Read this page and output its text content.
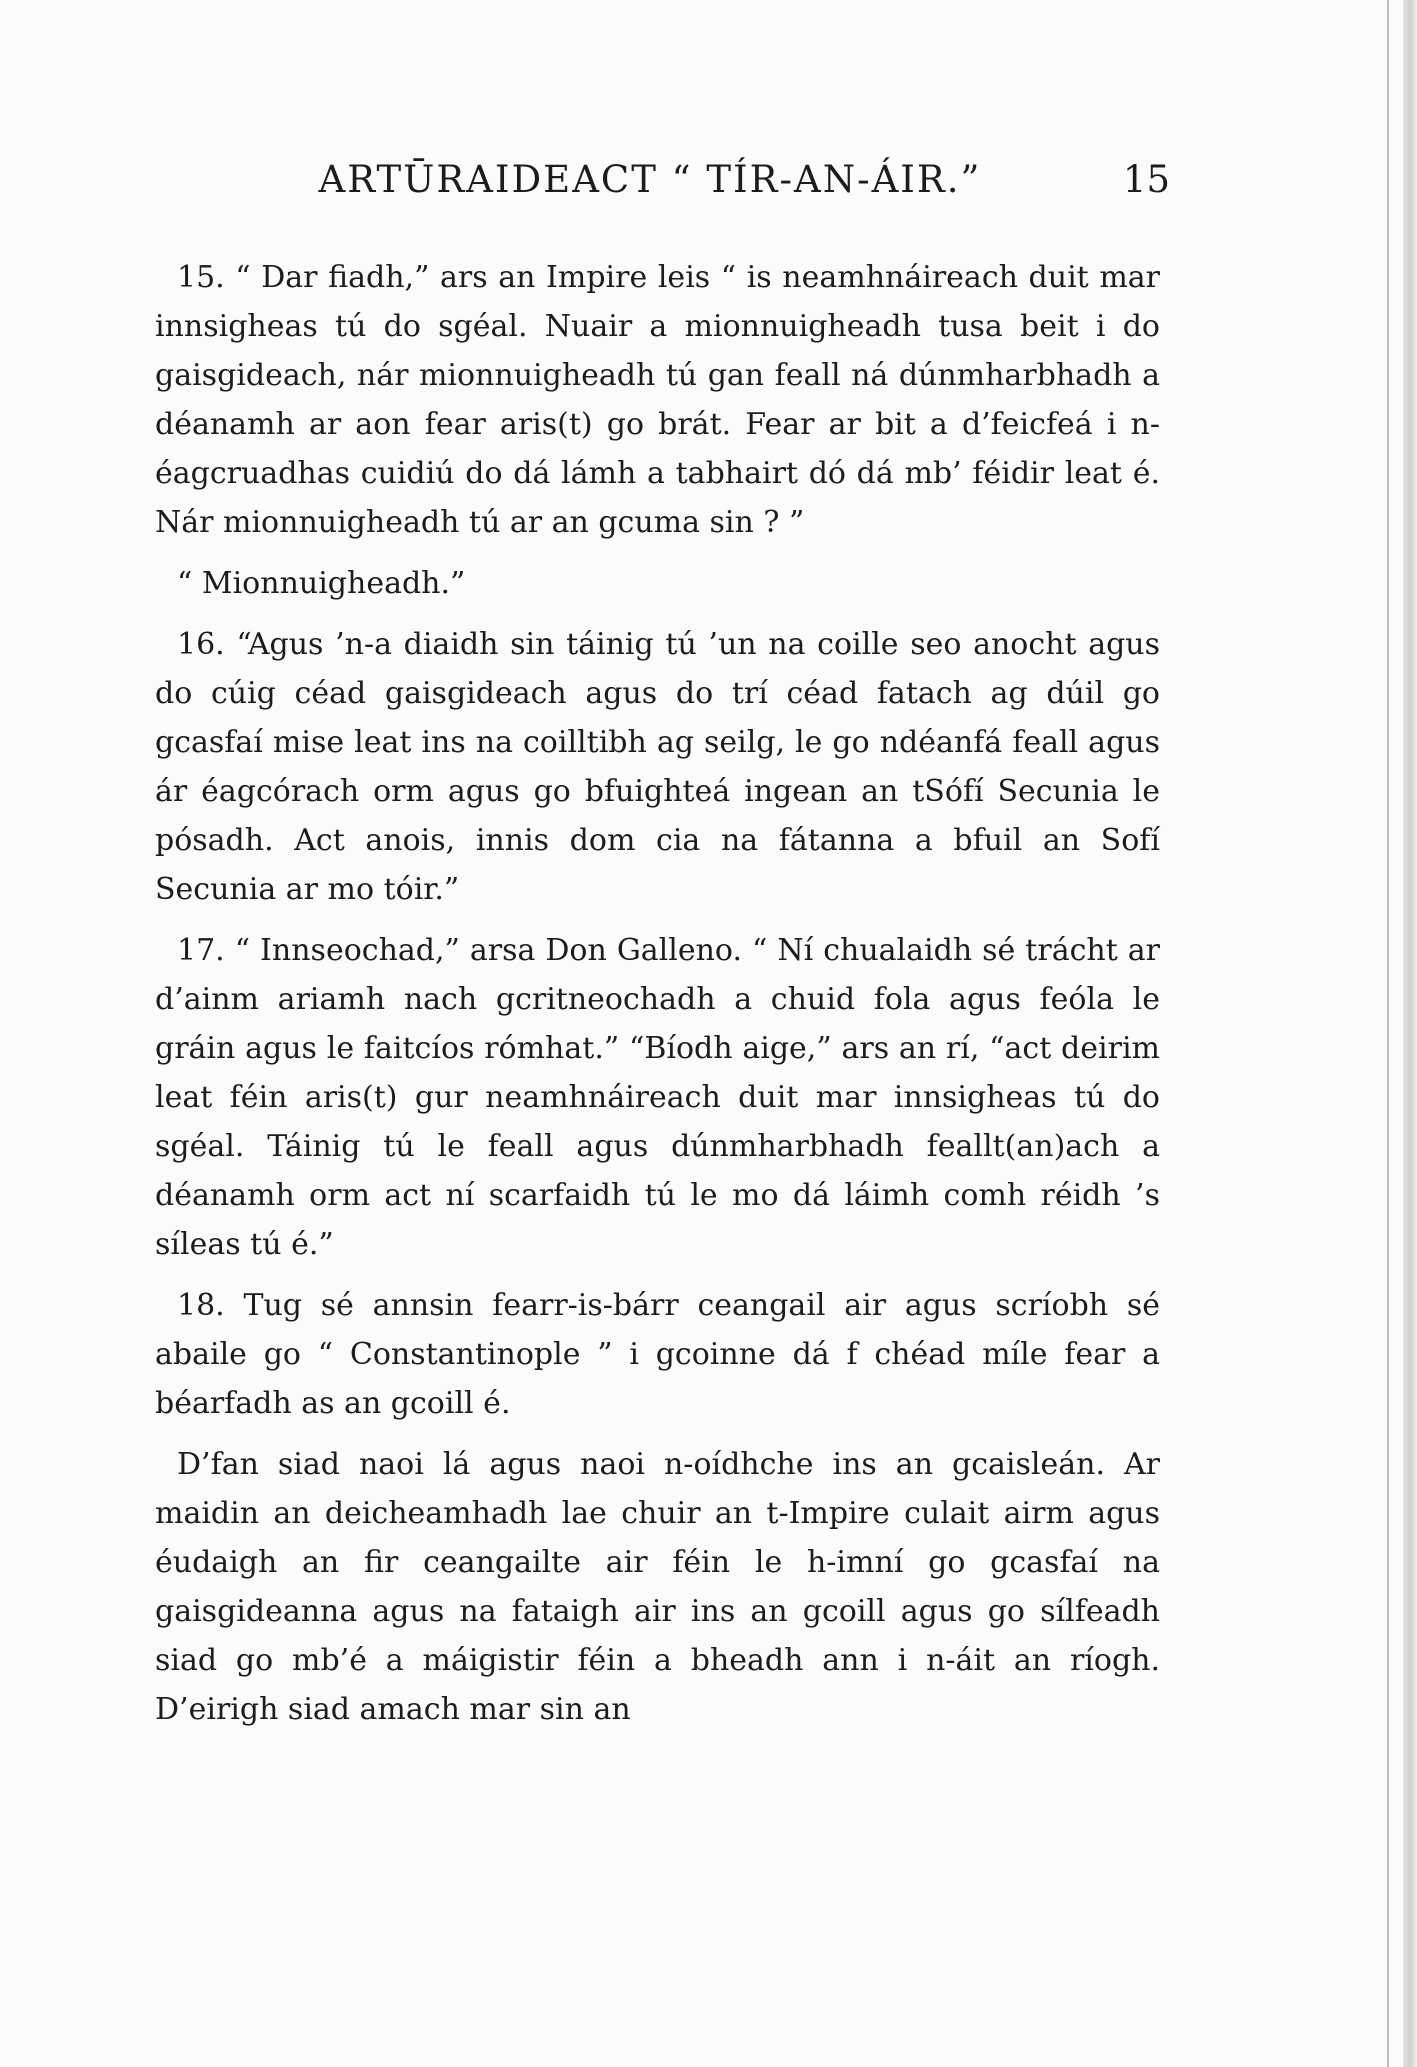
ARTŪRAIDEACT “ TÍR-AN-ÁIR.”	15

15. “ Dar fiadh,” ars an Impire leis “ is neamhnáireach duit mar innsigheas tú do sgéal. Nuair a mionnuigheadh tusa beit i do gaisgideach, nár mionnuigheadh tú gan feall ná dúnmharbhadh a déanamh ar aon fear aris(t) go brát. Fear ar bit a d’feicfeá i n-éagcruadhas cuidiú do dá lámh a tabhairt dó dá mb’ féidir leat é. Nár mionnuigheadh tú ar an gcuma sin ? ”

“ Mionnuigheadh.”

16. “Agus ’n-a diaidh sin táinig tú ’un na coille seo anocht agus do cúig céad gaisgideach agus do trí céad fatach ag dúil go gcasfaí mise leat ins na coilltibh ag seilg, le go ndéanfá feall agus ár éagcórach orm agus go bfuighteá ingean an tSófí Secunia le pósadh. Act anois, innis dom cia na fátanna a bfuil an Sofí Secunia ar mo tóir.”

17. “ Innseochad,” arsa Don Galleno. “ Ní chualaidh sé trácht ar d’ainm ariamh nach gcritneochadh a chuid fola agus feóla le gráin agus le faitcíos rómhat.” “Bíodh aige,” ars an rí, “act deirim leat féin aris(t) gur neamhnáireach duit mar innsigheas tú do sgéal. Táinig tú le feall agus dúnmharbhadh feallt(an)ach a déanamh orm act ní scarfaidh tú le mo dá láimh comh réidh ’s síleas tú é.”

18. Tug sé annsin fearr-is-bárr ceangail air agus scríobh sé abaile go “ Constantinople ” i gcoinne dá f chéad míle fear a béarfadh as an gcoill é.

D’fan siad naoi lá agus naoi n-oídhche ins an gcaisleán. Ar maidin an deicheamhadh lae chuir an t-Impire culait airm agus éudaigh an fir ceangailte air féin le h-imní go gcasfaí na gaisgideanna agus na fataigh air ins an gcoill agus go sílfeadh siad go mb’é a máigistir féin a bheadh ann i n-áit an ríogh. D’eirigh siad amach mar sin an
